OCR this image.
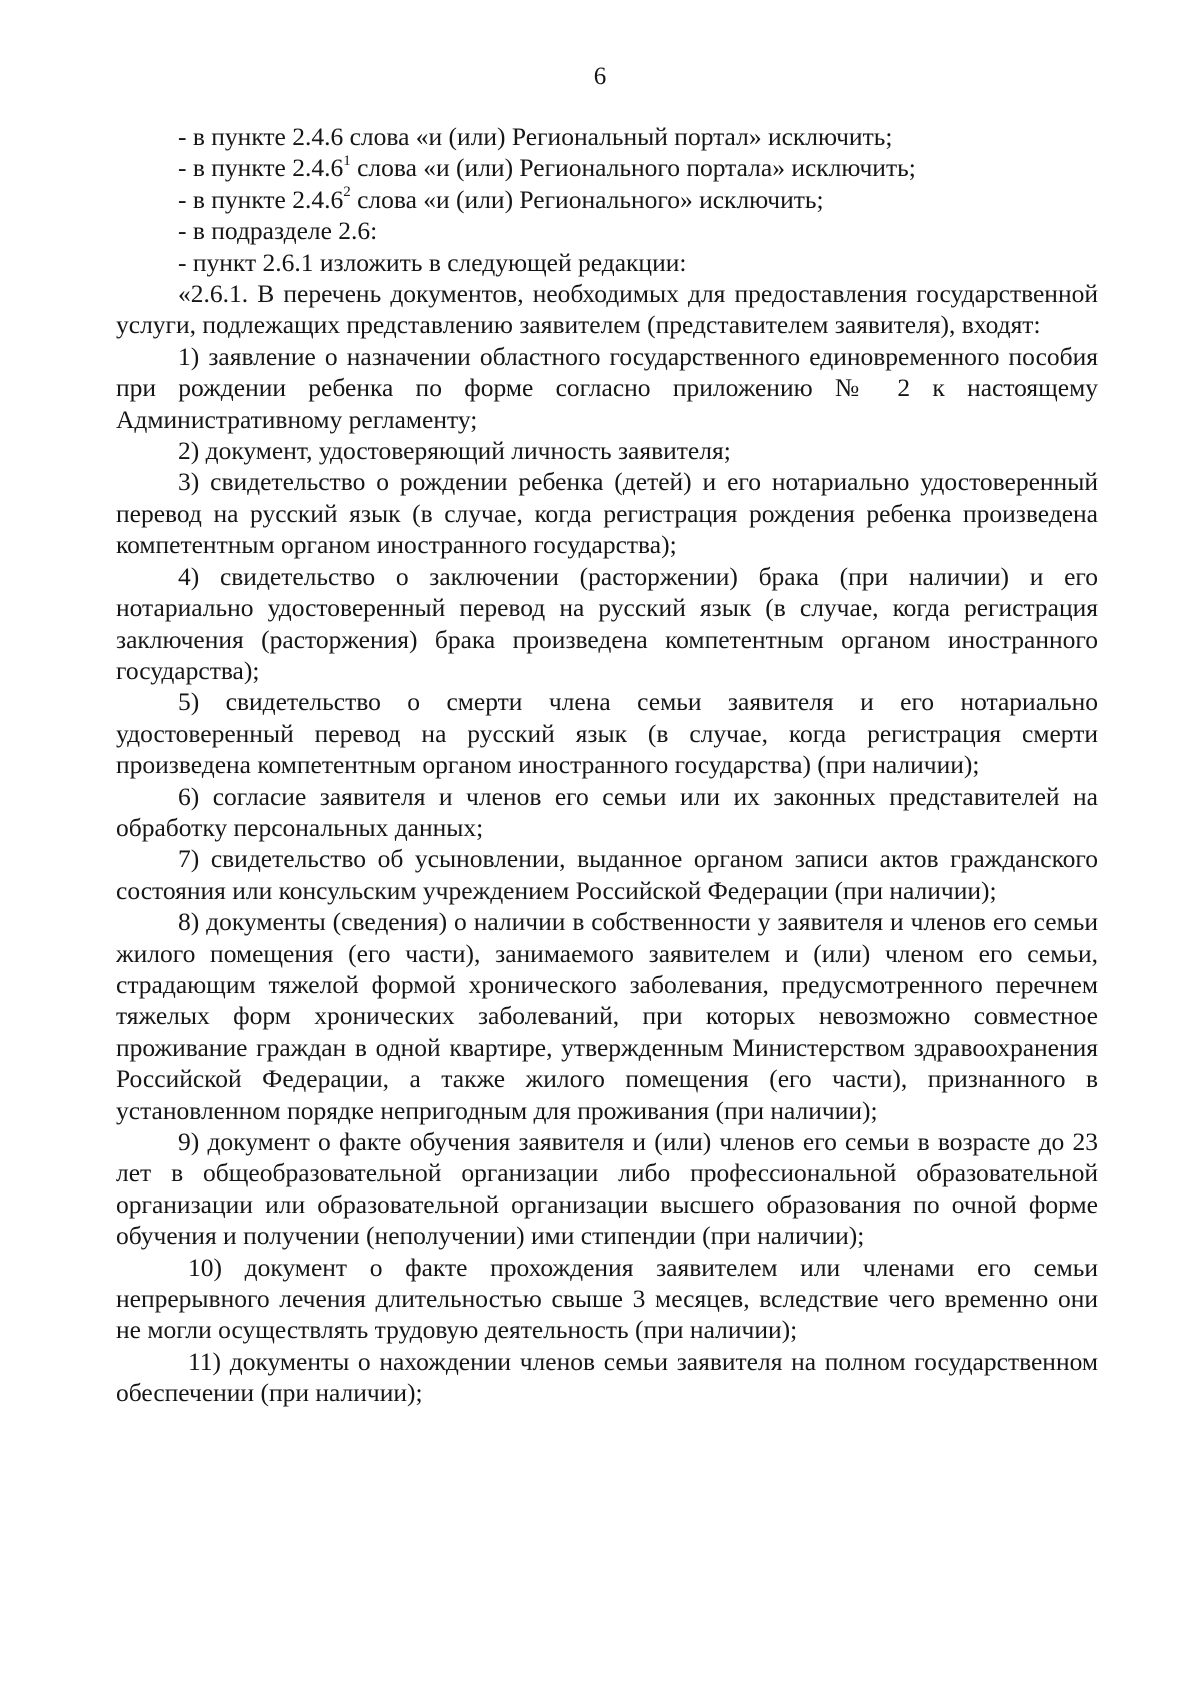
6

- в пункте 2.4.6 слова «и (или) Региональный портал» исключить;

- в пункте 2.4.6$^1$ слова «и (или) Регионального портала» исключить;

- в пункте 2.4.6$^2$ слова «и (или) Регионального» исключить;

- в подразделе 2.6:

- пункт 2.6.1 изложить в следующей редакции:

«2.6.1. В перечень документов, необходимых для предоставления государственной услуги, подлежащих представлению заявителем (представителем заявителя), входят:

1) заявление о назначении областного государственного единовременного пособия при рождении ребенка по форме согласно приложению № 2 к настоящему Административному регламенту;

2) документ, удостоверяющий личность заявителя;

3) свидетельство о рождении ребенка (детей) и его нотариально удостоверенный перевод на русский язык (в случае, когда регистрация рождения ребенка произведена компетентным органом иностранного государства);

4) свидетельство о заключении (расторжении) брака (при наличии) и его нотариально удостоверенный перевод на русский язык (в случае, когда регистрация заключения (расторжения) брака произведена компетентным органом иностранного государства);

5) свидетельство о смерти члена семьи заявителя и его нотариально удостоверенный перевод на русский язык (в случае, когда регистрация смерти произведена компетентным органом иностранного государства) (при наличии);

6) согласие заявителя и членов его семьи или их законных представителей на обработку персональных данных;

7) свидетельство об усыновлении, выданное органом записи актов гражданского состояния или консульским учреждением Российской Федерации (при наличии);

8) документы (сведения) о наличии в собственности у заявителя и членов его семьи жилого помещения (его части), занимаемого заявителем и (или) членом его семьи, страдающим тяжелой формой хронического заболевания, предусмотренного перечнем тяжелых форм хронических заболеваний, при которых невозможно совместное проживание граждан в одной квартире, утвержденным Министерством здравоохранения Российской Федерации, а также жилого помещения (его части), признанного в установленном порядке непригодным для проживания (при наличии);

9) документ о факте обучения заявителя и (или) членов его семьи в возрасте до 23 лет в общеобразовательной организации либо профессиональной образовательной организации или образовательной организации высшего образования по очной форме обучения и получении (неполучении) ими стипендии (при наличии);

10) документ о факте прохождения заявителем или членами его семьи непрерывного лечения длительностью свыше 3 месяцев, вследствие чего временно они не могли осуществлять трудовую деятельность (при наличии);

11) документы о нахождении членов семьи заявителя на полном государственном обеспечении (при наличии);
